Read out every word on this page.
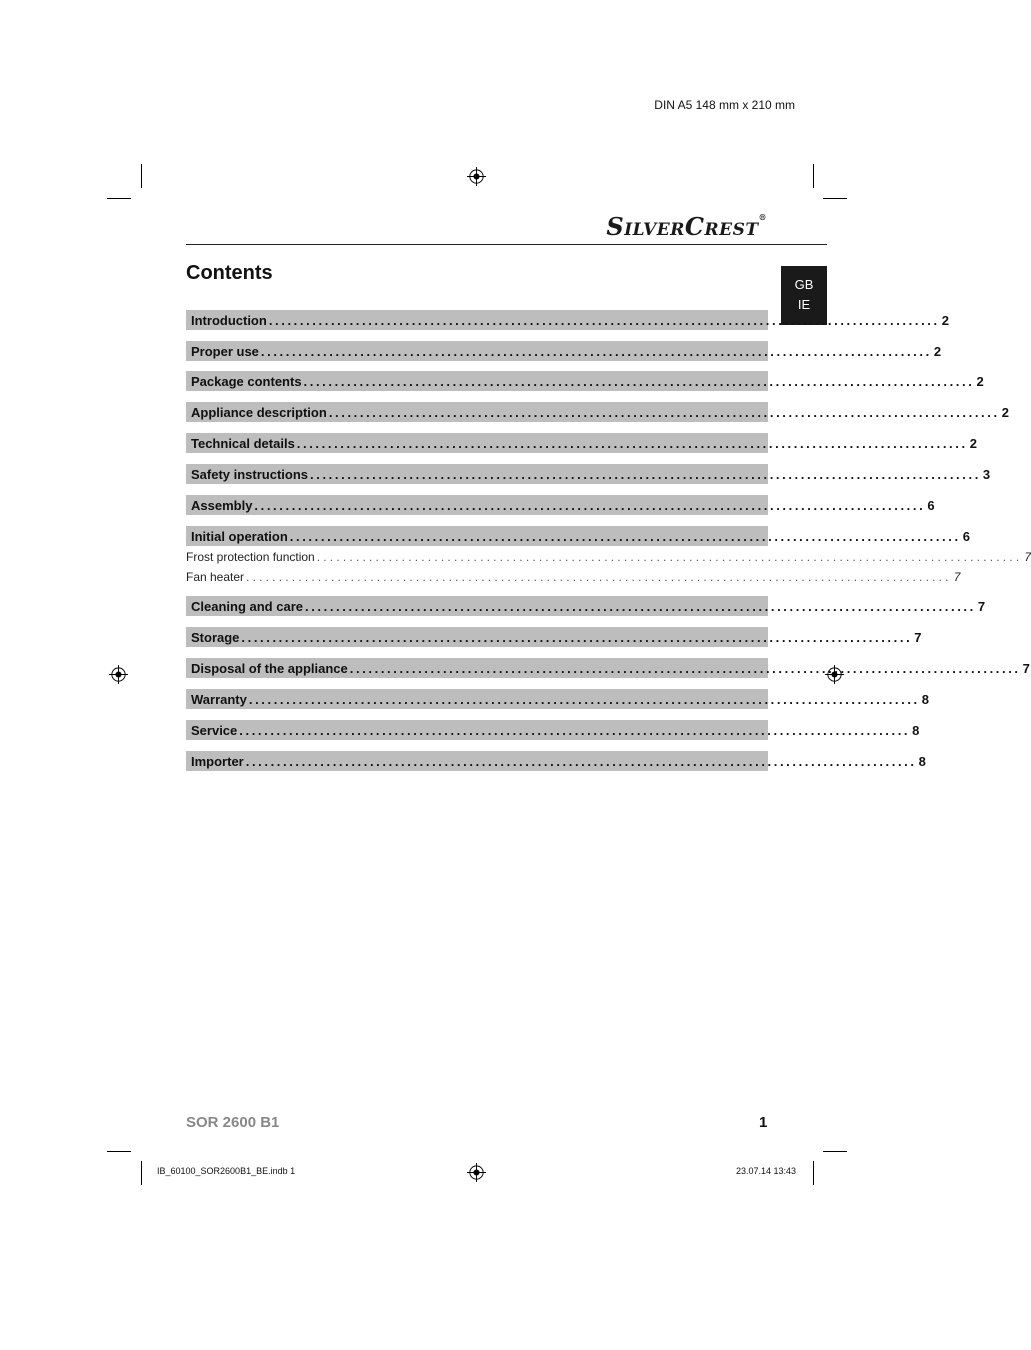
DIN A5 148 mm x 210 mm
SILVERCREST®
Contents
GB
IE
Introduction ............................................................................................................ 2
Proper use ............................................................................................................ 2
Package contents ............................................................................................................ 2
Appliance description ............................................................................................................ 2
Technical details ............................................................................................................ 2
Safety instructions ............................................................................................................ 3
Assembly ............................................................................................................ 6
Initial operation ............................................................................................................ 6
Frost protection function ............................................................................................................ 7
Fan heater ............................................................................................................ 7
Cleaning and care ............................................................................................................ 7
Storage ............................................................................................................ 7
Disposal of the appliance ............................................................................................................ 7
Warranty ............................................................................................................ 8
Service ............................................................................................................ 8
Importer ............................................................................................................ 8
SOR 2600 B1	1
IB_60100_SOR2600B1_BE.indb 1	23.07.14 13:43
